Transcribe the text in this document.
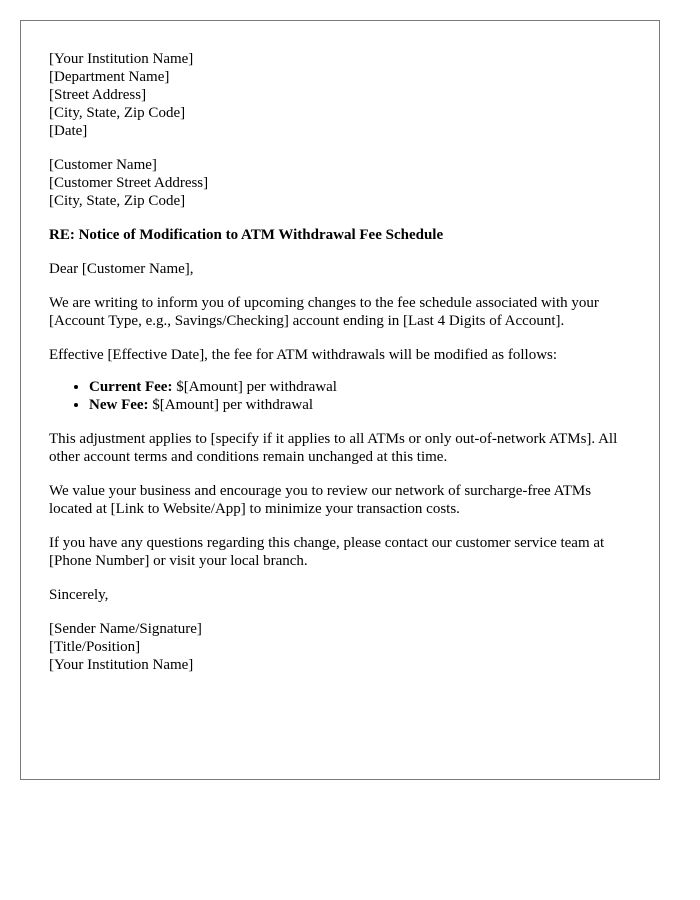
[Your Institution Name]
[Department Name]
[Street Address]
[City, State, Zip Code]
[Date]
[Customer Name]
[Customer Street Address]
[City, State, Zip Code]
RE: Notice of Modification to ATM Withdrawal Fee Schedule

Dear [Customer Name],

We are writing to inform you of upcoming changes to the fee schedule associated with your [Account Type, e.g., Savings/Checking] account ending in [Last 4 Digits of Account].

Effective [Effective Date], the fee for ATM withdrawals will be modified as follows:

• Current Fee: $[Amount] per withdrawal
• New Fee: $[Amount] per withdrawal

This adjustment applies to [specify if it applies to all ATMs or only out-of-network ATMs]. All other account terms and conditions remain unchanged at this time.

We value your business and encourage you to review our network of surcharge-free ATMs located at [Link to Website/App] to minimize your transaction costs.

If you have any questions regarding this change, please contact our customer service team at [Phone Number] or visit your local branch.

Sincerely,

[Sender Name/Signature]
[Title/Position]
[Your Institution Name]
